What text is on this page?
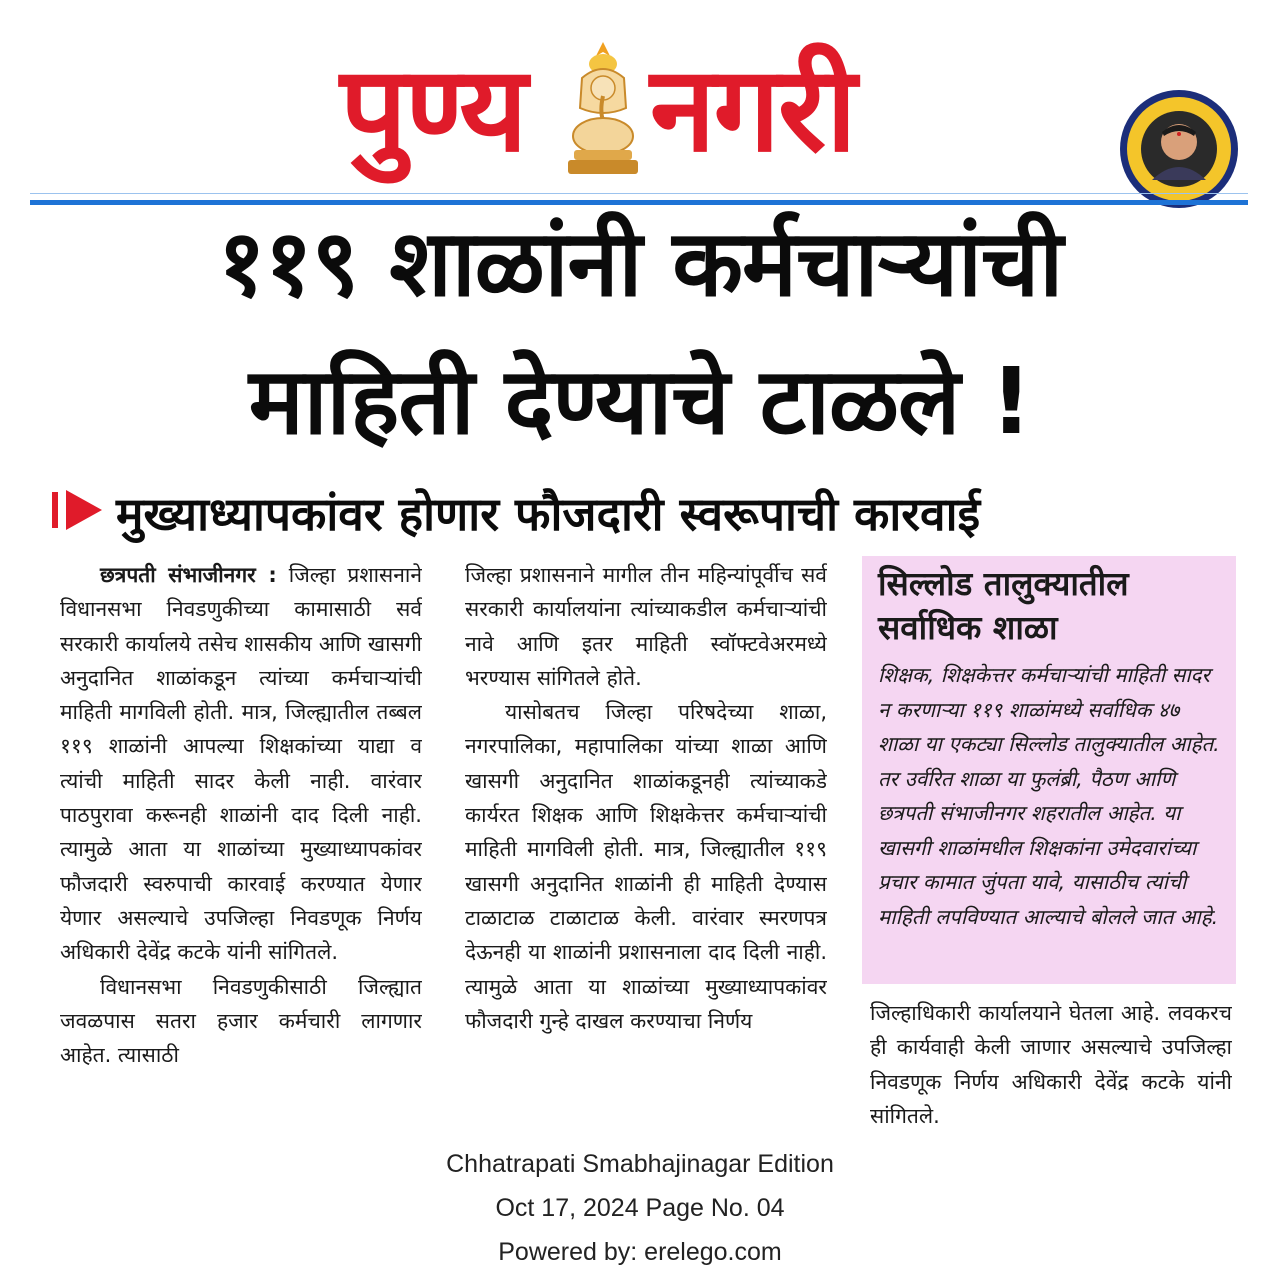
पुण्य नगरी
११९ शाळांनी कर्मचाऱ्यांची
माहिती देण्याचे टाळले !
मुख्याध्यापकांवर होणार फौजदारी स्वरूपाची कारवाई

छत्रपती संभाजीनगर : जिल्हा प्रशासनाने विधानसभा निवडणुकीच्या कामासाठी सर्व सरकारी कार्यालये तसेच शासकीय आणि खासगी अनुदानित शाळांकडून त्यांच्या कर्मचाऱ्यांची माहिती मागविली होती. मात्र, जिल्ह्यातील तब्बल ११९ शाळांनी आपल्या शिक्षकांच्या याद्या व त्यांची माहिती सादर केली नाही. वारंवार पाठपुरावा करूनही शाळांनी दाद दिली नाही. त्यामुळे आता या शाळांच्या मुख्याध्यापकांवर फौजदारी स्वरुपाची कारवाई करण्यात येणार येणार असल्याचे उपजिल्हा निवडणूक निर्णय अधिकारी देवेंद्र कटके यांनी सांगितले.

विधानसभा निवडणुकीसाठी जिल्ह्यात जवळपास सतरा हजार कर्मचारी लागणार आहेत. त्यासाठी

जिल्हा प्रशासनाने मागील तीन महिन्यांपूर्वीच सर्व सरकारी कार्यालयांना त्यांच्याकडील कर्मचाऱ्यांची नावे आणि इतर माहिती स्वॉफ्टवेअरमध्ये भरण्यास सांगितले होते.

यासोबतच जिल्हा परिषदेच्या शाळा, नगरपालिका, महापालिका यांच्या शाळा आणि खासगी अनुदानित शाळांकडूनही त्यांच्याकडे कार्यरत शिक्षक आणि शिक्षकेत्तर कर्मचाऱ्यांची माहिती मागविली होती. मात्र, जिल्ह्यातील ११९ खासगी अनुदानित शाळांनी ही माहिती देण्यास टाळाटाळ टाळाटाळ केली. वारंवार स्मरणपत्र देऊनही या शाळांनी प्रशासनाला दाद दिली नाही. त्यामुळे आता या शाळांच्या मुख्याध्यापकांवर फौजदारी गुन्हे दाखल करण्याचा निर्णय

सिल्लोड तालुक्यातील सर्वाधिक शाळा
शिक्षक, शिक्षकेत्तर कर्मचाऱ्यांची माहिती सादर न करणाऱ्या ११९ शाळांमध्ये सर्वाधिक ४७ शाळा या एकट्या सिल्लोड तालुक्यातील आहेत. तर उर्वरित शाळा या फुलंब्री, पैठण आणि छत्रपती संभाजीनगर शहरातील आहेत. या खासगी शाळांमधील शिक्षकांना उमेदवारांच्या प्रचार कामात जुंपता यावे, यासाठीच त्यांची माहिती लपविण्यात आल्याचे बोलले जात आहे.

जिल्हाधिकारी कार्यालयाने घेतला आहे. लवकरच ही कार्यवाही केली जाणार असल्याचे उपजिल्हा निवडणूक निर्णय अधिकारी देवेंद्र कटके यांनी सांगितले.

Chhatrapati Smabhajinagar Edition
Oct 17, 2024 Page No. 04
Powered by: erelego.com
